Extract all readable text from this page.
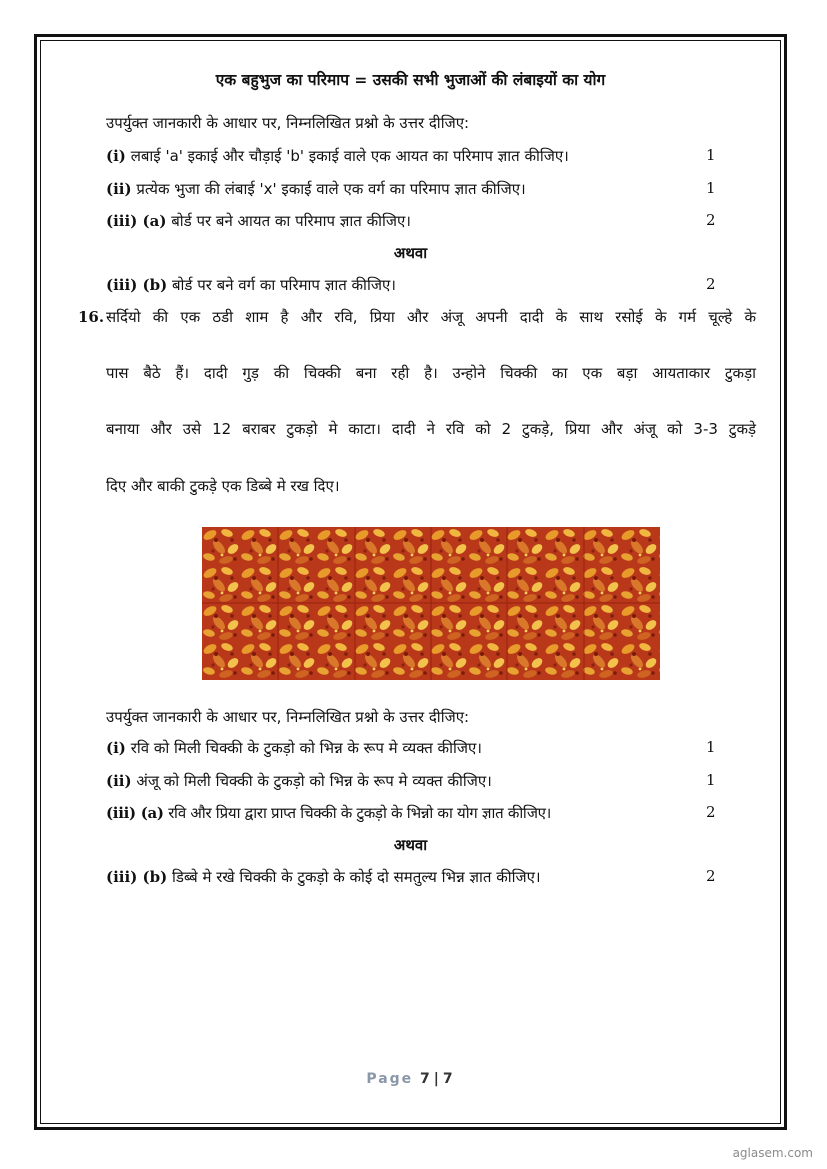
एक बहुभुज का परिमाप = उसकी सभी भुजाओं की लंबाइयों का योग
उपर्युक्त जानकारी के आधार पर, निम्नलिखित प्रश्नो के उत्तर दीजिए:
(i) लबाई 'a' इकाई और चौड़ाई 'b' इकाई वाले एक आयत का परिमाप ज्ञात कीजिए।	1
(ii) प्रत्येक भुजा की लंबाई 'x' इकाई वाले एक वर्ग का परिमाप ज्ञात कीजिए।	1
(iii) (a) बोर्ड पर बने आयत का परिमाप ज्ञात कीजिए।	2
अथवा
(iii) (b) बोर्ड पर बने वर्ग का परिमाप ज्ञात कीजिए।	2
16. सर्दियो की एक ठडी शाम है और रवि, प्रिया और अंजू अपनी दादी के साथ रसोई के गर्म चूल्हे के
पास बैठे हैं। दादी गुड़ की चिक्की बना रही है। उन्होने चिक्की का एक बड़ा आयताकार टुकड़ा
बनाया और उसे 12 बराबर टुकड़ो मे काटा। दादी ने रवि को 2 टुकड़े, प्रिया और अंजू को 3-3 टुकड़े
दिए और बाकी टुकड़े एक डिब्बे मे रख दिए।
उपर्युक्त जानकारी के आधार पर, निम्नलिखित प्रश्नो के उत्तर दीजिए:
(i) रवि को मिली चिक्की के टुकड़ो को भिन्न के रूप मे व्यक्त कीजिए।	1
(ii) अंजू को मिली चिक्की के टुकड़ो को भिन्न के रूप मे व्यक्त कीजिए।	1
(iii) (a) रवि और प्रिया द्वारा प्राप्त चिक्की के टुकड़ो के भिन्नो का योग ज्ञात कीजिए।	2
अथवा
(iii) (b) डिब्बे मे रखे चिक्की के टुकड़ो के कोई दो समतुल्य भिन्न ज्ञात कीजिए।	2
Page 7 | 7
aglasem.com
